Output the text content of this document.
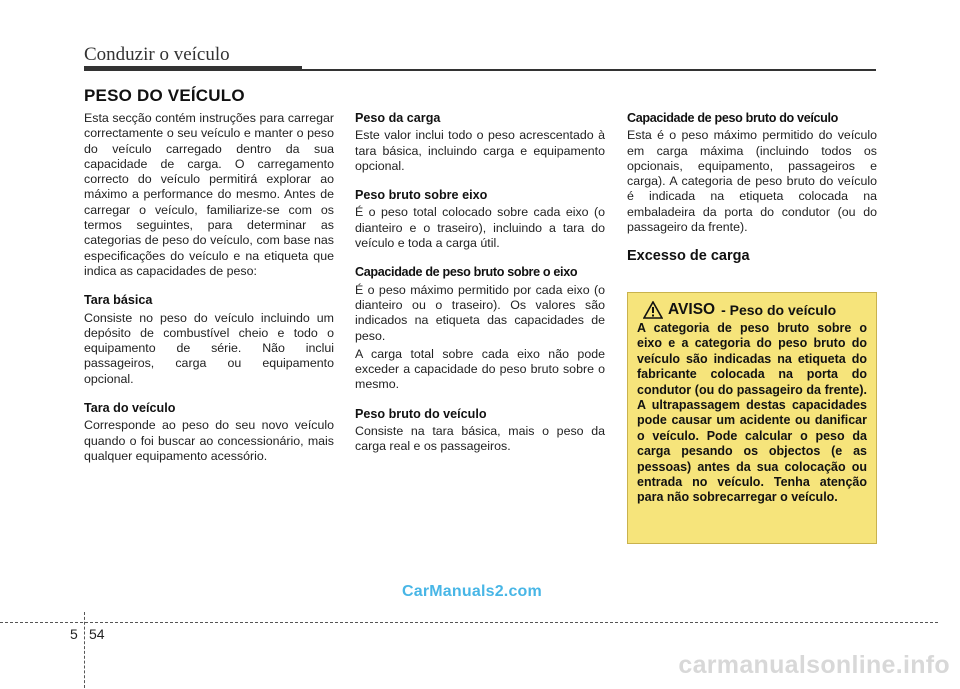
Conduzir o veículo
PESO DO VEÍCULO

Esta secção contém instruções para carregar correctamente o seu veículo e manter o peso do veículo carregado dentro da sua capacidade de carga. O carregamento correcto do veículo permitirá explorar ao máximo a performance do mesmo. Antes de carregar o veículo, familiarize-se com os termos seguintes, para determinar as categorias de peso do veículo, com base nas especificações do veículo e na etiqueta que indica as capacidades de peso:

Tara básica

Consiste no peso do veículo incluindo um depósito de combustível cheio e todo o equipamento de série. Não inclui passageiros, carga ou equipamento opcional.

Tara do veículo

Corresponde ao peso do seu novo veículo quando o foi buscar ao concessionário, mais qualquer equipamento acessório.

Peso da carga

Este valor inclui todo o peso acrescentado à tara básica, incluindo carga e equipamento opcional.

Peso bruto sobre eixo

É o peso total colocado sobre cada eixo (o dianteiro e o traseiro), incluindo a tara do veículo e toda a carga útil.

Capacidade de peso bruto sobre o eixo

É o peso máximo permitido por cada eixo (o dianteiro ou o traseiro). Os valores são indicados na etiqueta das capacidades de peso.

A carga total sobre cada eixo não pode exceder a capacidade do peso bruto sobre o mesmo.

Peso bruto do veículo

Consiste na tara básica, mais o peso da carga real e os passageiros.

Capacidade de peso bruto do veículo

Esta é o peso máximo permitido do veículo em carga máxima (incluindo todos os opcionais, equipamento, passageiros e carga). A categoria de peso bruto do veículo é indicada na etiqueta colocada na embaladeira da porta do condutor (ou do passageiro da frente).

Excesso de carga
AVISO - Peso do veículo

A categoria de peso bruto sobre o eixo e a categoria do peso bruto do veículo são indicadas na etiqueta do fabricante colocada na porta do condutor (ou do passageiro da frente). A ultrapassagem destas capacidades pode causar um acidente ou danificar o veículo. Pode calcular o peso da carga pesando os objectos (e as pessoas) antes da sua colocação ou entrada no veículo. Tenha atenção para não sobrecarregar o veículo.

CarManuals2.com
5 54
carmanualsonline.info
